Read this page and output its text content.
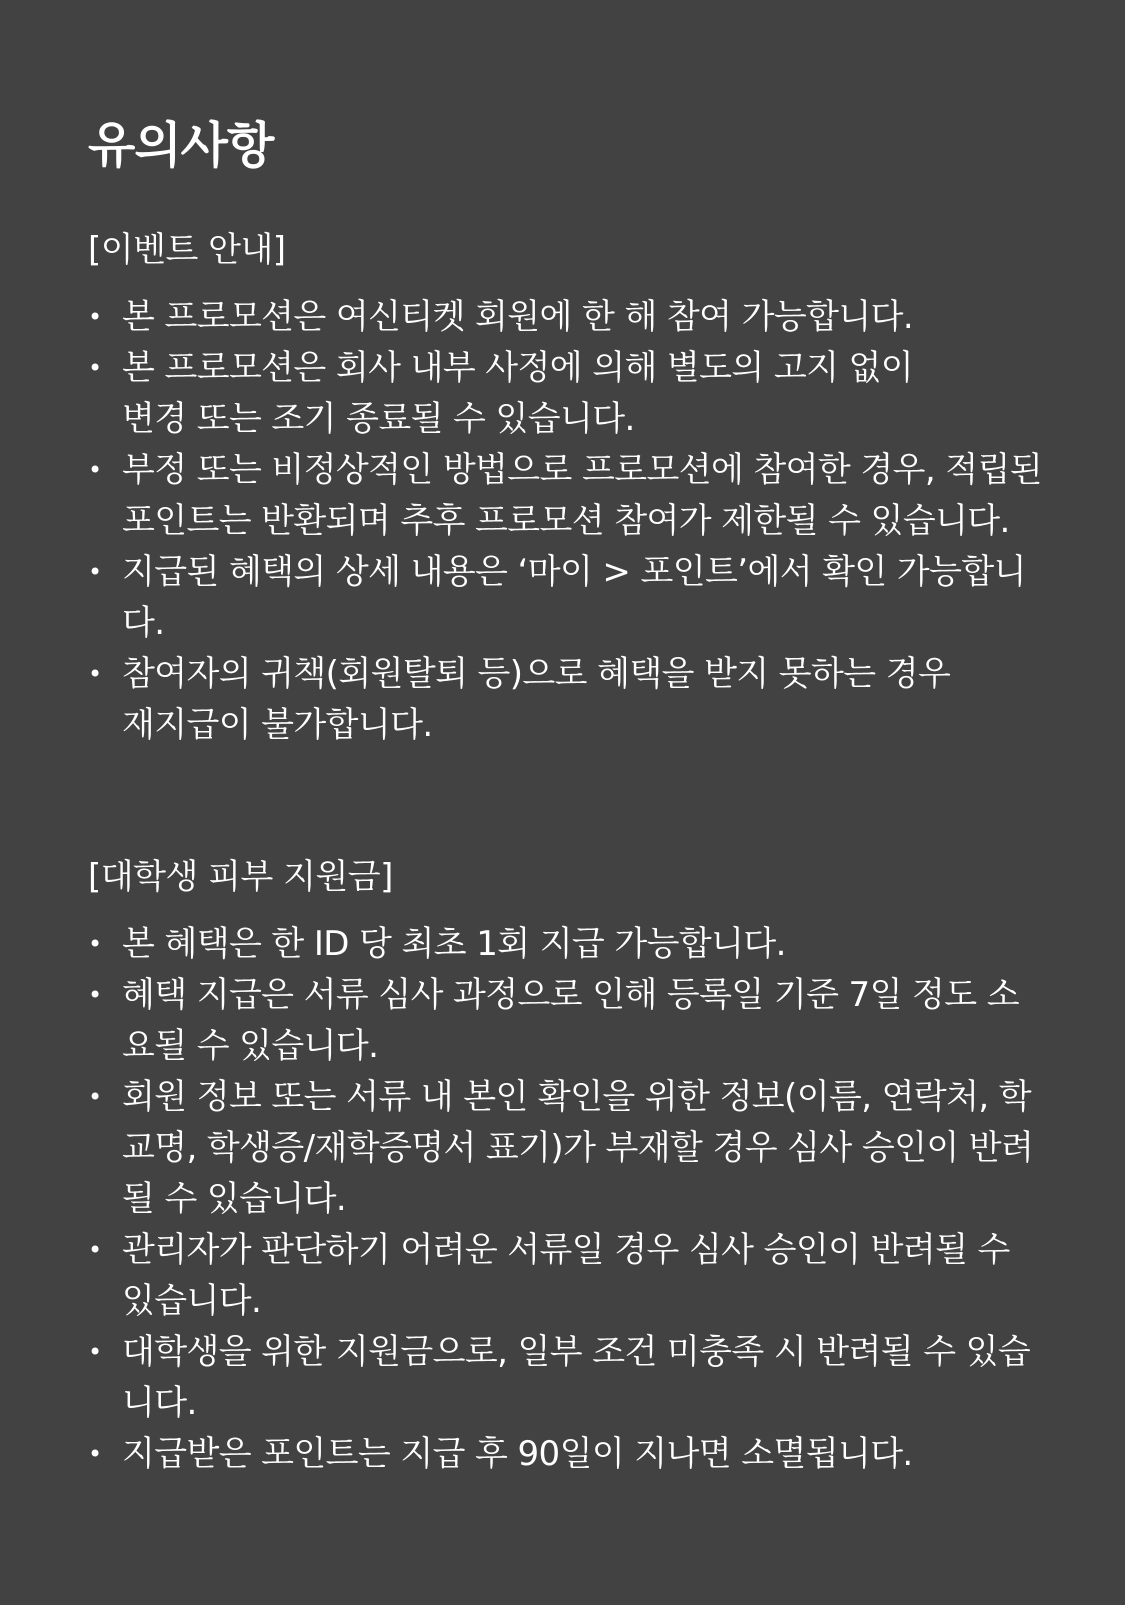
유의사항
[이벤트 안내]
• 본 프로모션은 여신티켓 회원에 한 해 참여 가능합니다.
• 본 프로모션은 회사 내부 사정에 의해 별도의 고지 없이
변경 또는 조기 종료될 수 있습니다.
• 부정 또는 비정상적인 방법으로 프로모션에 참여한 경우, 적립된
포인트는 반환되며 추후 프로모션 참여가 제한될 수 있습니다.
• 지급된 혜택의 상세 내용은 ‘마이 > 포인트’에서 확인 가능합니
다.
• 참여자의 귀책(회원탈퇴 등)으로 혜택을 받지 못하는 경우
재지급이 불가합니다.
[대학생 피부 지원금]
• 본 혜택은 한 ID 당 최초 1회 지급 가능합니다.
• 혜택 지급은 서류 심사 과정으로 인해 등록일 기준 7일 정도 소
요될 수 있습니다.
• 회원 정보 또는 서류 내 본인 확인을 위한 정보(이름, 연락처, 학
교명, 학생증/재학증명서 표기)가 부재할 경우 심사 승인이 반려
될 수 있습니다.
• 관리자가 판단하기 어려운 서류일 경우 심사 승인이 반려될 수
있습니다.
• 대학생을 위한 지원금으로, 일부 조건 미충족 시 반려될 수 있습
니다.
• 지급받은 포인트는 지급 후 90일이 지나면 소멸됩니다.
